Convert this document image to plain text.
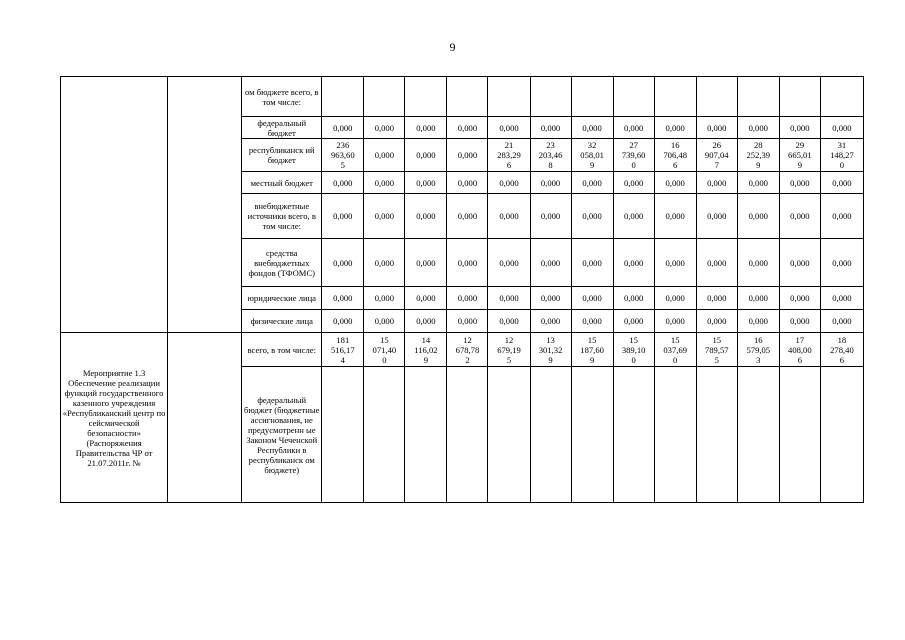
9
		ом бюджете всего, в том числе:													
		федеральный бюджет	0,000	0,000	0,000	0,000	0,000	0,000	0,000	0,000	0,000	0,000	0,000	0,000	0,000
		республиканск ий бюджет	236
963,60
5	0,000	0,000	0,000	21
283,29
6	23
203,46
8	32
058,01
9	27
739,60
0	16
706,48
6	26
907,04
7	28
252,39
9	29
665,01
9	31
148,27
0
		местный бюджет	0,000	0,000	0,000	0,000	0,000	0,000	0,000	0,000	0,000	0,000	0,000	0,000	0,000
		внебюджетные источники всего, в том числе:	0,000	0,000	0,000	0,000	0,000	0,000	0,000	0,000	0,000	0,000	0,000	0,000	0,000
		средства внебюджетных фондов (ТФОМС)	0,000	0,000	0,000	0,000	0,000	0,000	0,000	0,000	0,000	0,000	0,000	0,000	0,000
		юридические лица	0,000	0,000	0,000	0,000	0,000	0,000	0,000	0,000	0,000	0,000	0,000	0,000	0,000
		физические лица	0,000	0,000	0,000	0,000	0,000	0,000	0,000	0,000	0,000	0,000	0,000	0,000	0,000
Мероприятие 1.3 Обеспечение реализации функций государственного казенного учреждения «Республиканский центр по сейсмической безопасности» (Распоряжения Правительства ЧР от 21.07.2011г. №		всего, в том числе:	181
516,17
4	15
071,40
0	14
116,02
9	12
678,78
2	12
679,19
5	13
301,32
9	15
187,60
9	15
389,10
0	15
037,69
0	15
789,57
5	16
579,05
3	17
408,00
6	18
278,40
6
		федеральный бюджет (бюджетные ассигнования, не предусмотренн ые Законом Чеченской Республики в республиканск ом бюджете)													
